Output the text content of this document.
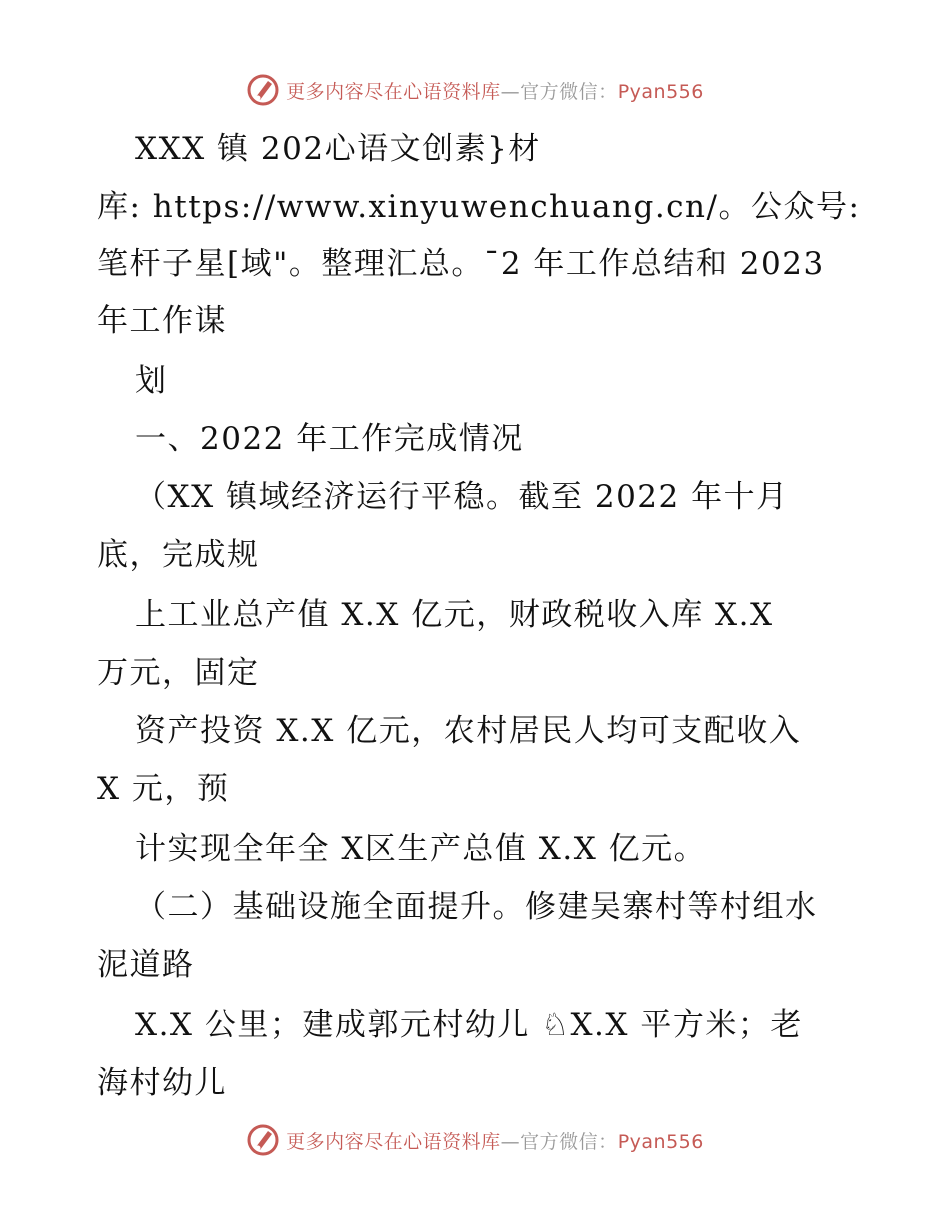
更多内容尽在心语资料库—官方微信：Pyan556
XXX 镇 202心语文创素}材
库: https://www.xinyuwenchuang.cn/。公众号:
笔杆子星[域"。整理汇总。¯2 年工作总结和 2023
年工作谋
划
一、2022 年工作完成情况
（XX 镇域经济运行平稳。截至 2022 年十月
底，完成规
上工业总产值 X.X 亿元，财政税收入库 X.X
万元，固定
资产投资 X.X 亿元，农村居民人均可支配收入
X 元，预
计实现全年全 X区生产总值 X.X 亿元。
（二）基础设施全面提升。修建吴寨村等村组水
泥道路
X.X 公里；建成郭元村幼儿 ♘X.X 平方米；老
海村幼儿
更多内容尽在心语资料库—官方微信：Pyan556
